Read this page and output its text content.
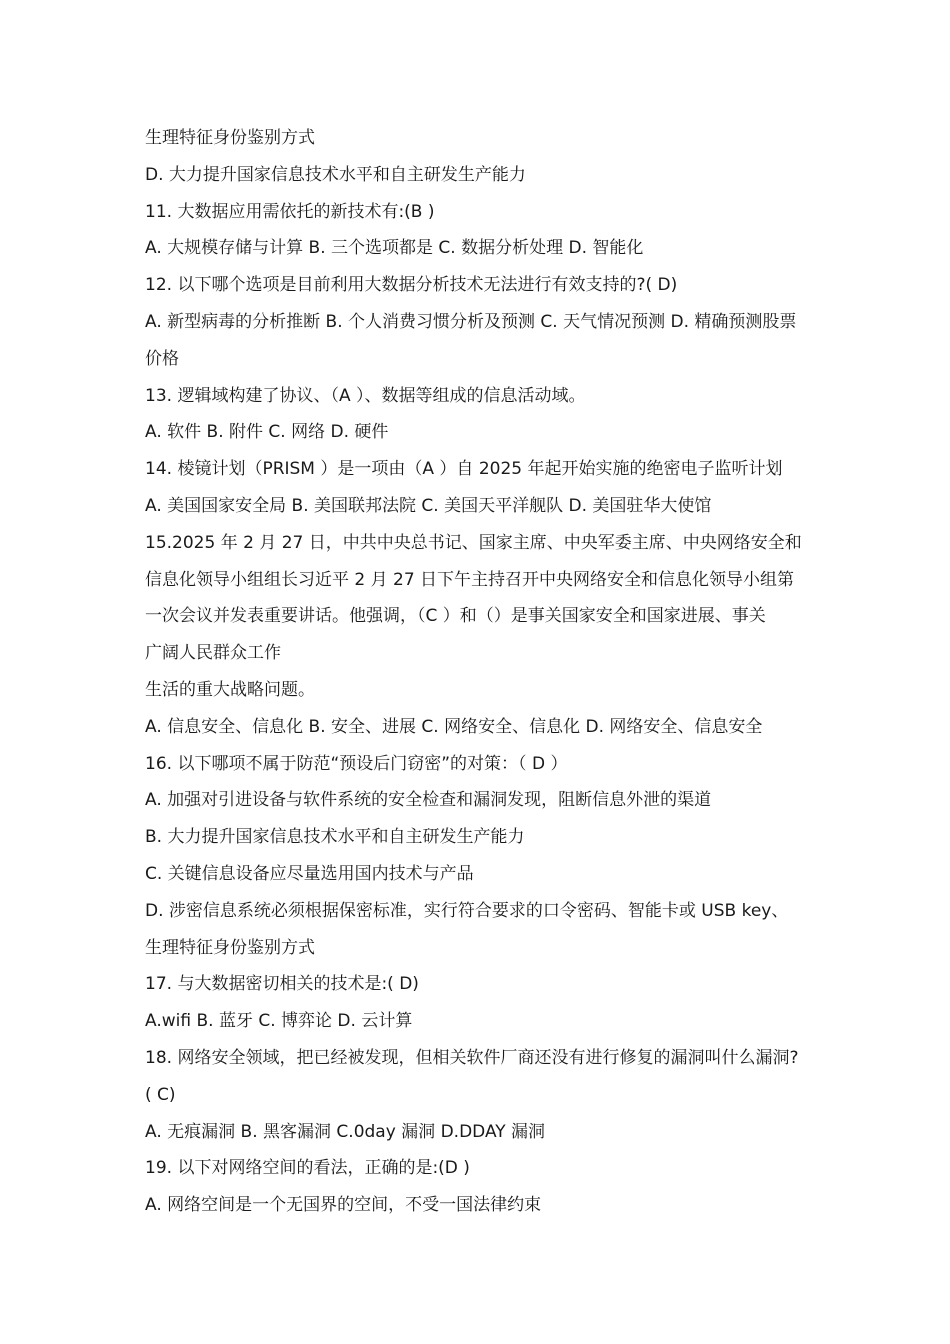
生理特征身份鉴别方式
D. 大力提升国家信息技术水平和自主研发生产能力
11. 大数据应用需依托的新技术有:(B )
A. 大规模存储与计算 B. 三个选项都是 C. 数据分析处理 D. 智能化
12. 以下哪个选项是目前利用大数据分析技术无法进行有效支持的?( D)
A. 新型病毒的分析推断 B. 个人消费习惯分析及预测 C. 天气情况预测 D. 精确预测股票
价格
13. 逻辑域构建了协议、（A ）、数据等组成的信息活动域。
A. 软件 B. 附件 C. 网络 D. 硬件
14. 棱镜计划（PRISM ）是一项由（A ）自 2025 年起开始实施的绝密电子监听计划
A. 美国国家安全局 B. 美国联邦法院 C. 美国天平洋舰队 D. 美国驻华大使馆
15.2025 年 2 月 27 日，中共中央总书记、国家主席、中央军委主席、中央网络安全和
信息化领导小组组长习近平 2 月 27 日下午主持召开中央网络安全和信息化领导小组第
一次会议并发表重要讲话。他强调，（C ）和（）是事关国家安全和国家进展、事关
广阔人民群众工作
生活的重大战略问题。
A. 信息安全、信息化 B. 安全、进展 C. 网络安全、信息化 D. 网络安全、信息安全
16. 以下哪项不属于防范“预设后门窃密”的对策：（ D ）
A. 加强对引进设备与软件系统的安全检查和漏洞发现，阻断信息外泄的渠道
B. 大力提升国家信息技术水平和自主研发生产能力
C. 关键信息设备应尽量选用国内技术与产品
D. 涉密信息系统必须根据保密标准，实行符合要求的口令密码、智能卡或 USB key、
生理特征身份鉴别方式
17. 与大数据密切相关的技术是:( D)
A.wifi B. 蓝牙 C. 博弈论 D. 云计算
18. 网络安全领域，把已经被发现，但相关软件厂商还没有进行修复的漏洞叫什么漏洞?
( C)
A. 无痕漏洞 B. 黑客漏洞 C.0day 漏洞 D.DDAY 漏洞
19. 以下对网络空间的看法，正确的是:(D )
A. 网络空间是一个无国界的空间，不受一国法律约束
